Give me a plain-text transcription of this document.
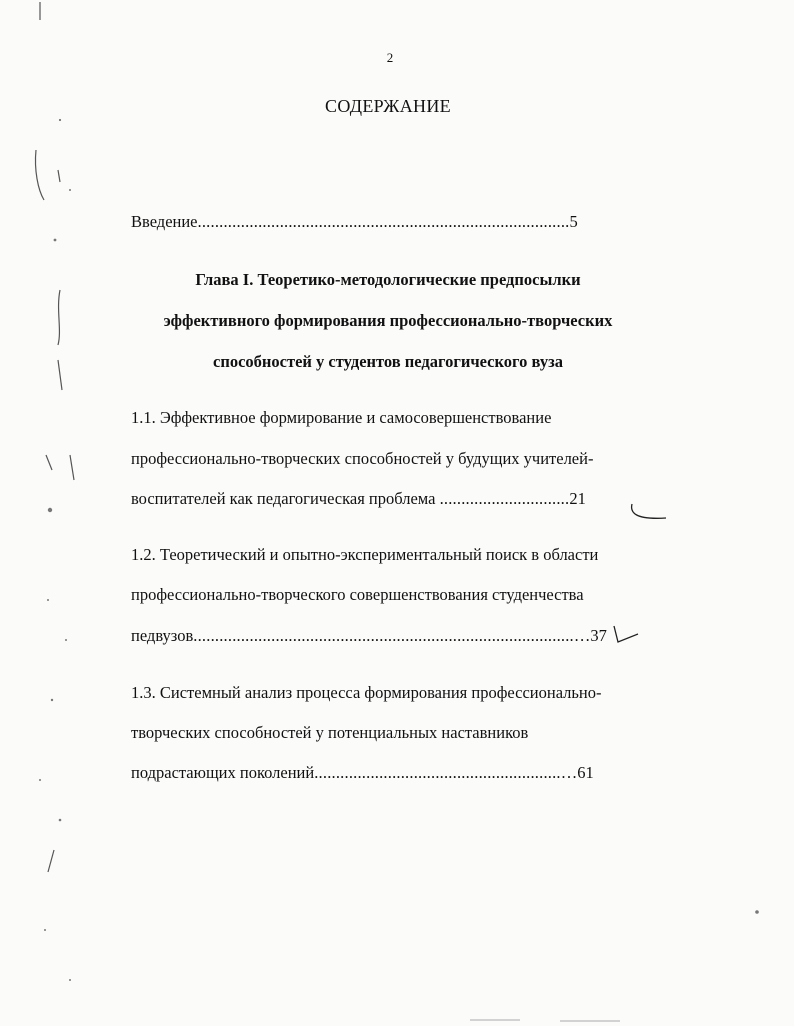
2
СОДЕРЖАНИЕ
Введение......................................................................................5
Глава I. Теоретико-методологические предпосылки
эффективного формирования профессионально-творческих
способностей у студентов педагогического вуза
1.1. Эффективное формирование и самосовершенствование
профессионально-творческих способностей у будущих учителей-
воспитателей как педагогическая проблема ..............................21
1.2. Теоретический и опытно-экспериментальный поиск в области
профессионально-творческого совершенствования студенчества
педвузов........................................................................................…37
1.3. Системный анализ процесса формирования профессионально-
творческих способностей у потенциальных наставников
подрастающих поколений.........................................................…61
